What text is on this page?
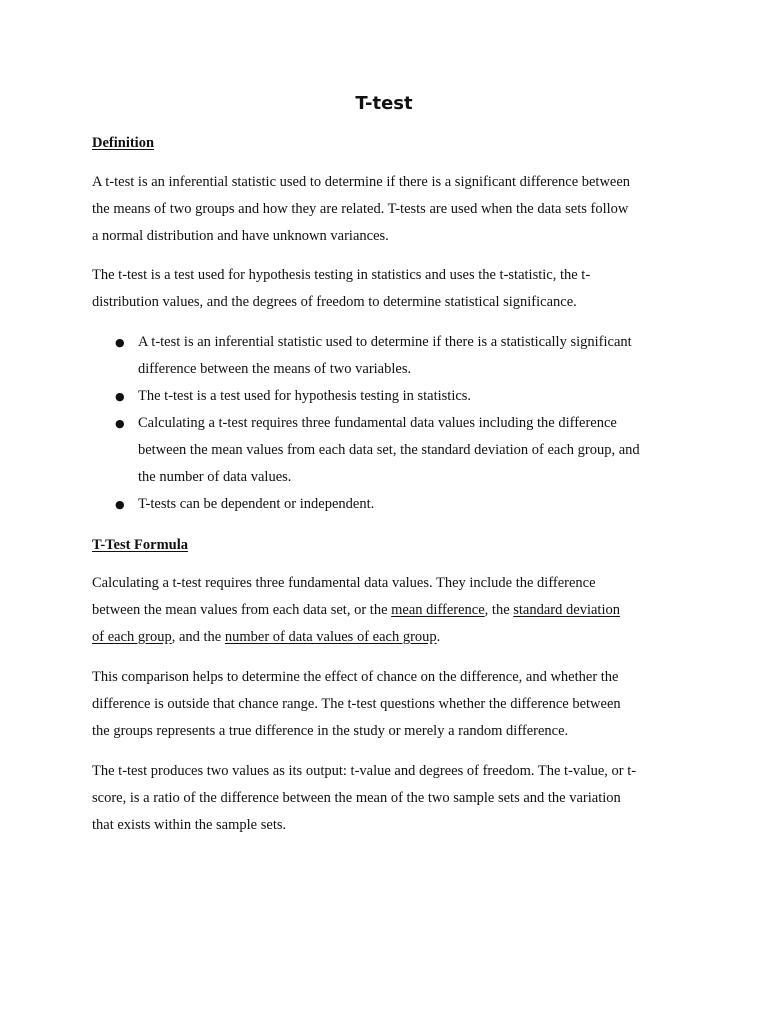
T-test

Definition

A t-test is an inferential statistic used to determine if there is a significant difference between
the means of two groups and how they are related. T-tests are used when the data sets follow
a normal distribution and have unknown variances.

The t-test is a test used for hypothesis testing in statistics and uses the t-statistic, the t-
distribution values, and the degrees of freedom to determine statistical significance.

● A t-test is an inferential statistic used to determine if there is a statistically significant
difference between the means of two variables.
● The t-test is a test used for hypothesis testing in statistics.
● Calculating a t-test requires three fundamental data values including the difference
between the mean values from each data set, the standard deviation of each group, and
the number of data values.
● T-tests can be dependent or independent.

T-Test Formula

Calculating a t-test requires three fundamental data values. They include the difference
between the mean values from each data set, or the mean difference, the standard deviation
of each group, and the number of data values of each group.

This comparison helps to determine the effect of chance on the difference, and whether the
difference is outside that chance range. The t-test questions whether the difference between
the groups represents a true difference in the study or merely a random difference.

The t-test produces two values as its output: t-value and degrees of freedom. The t-value, or t-
score, is a ratio of the difference between the mean of the two sample sets and the variation
that exists within the sample sets.
